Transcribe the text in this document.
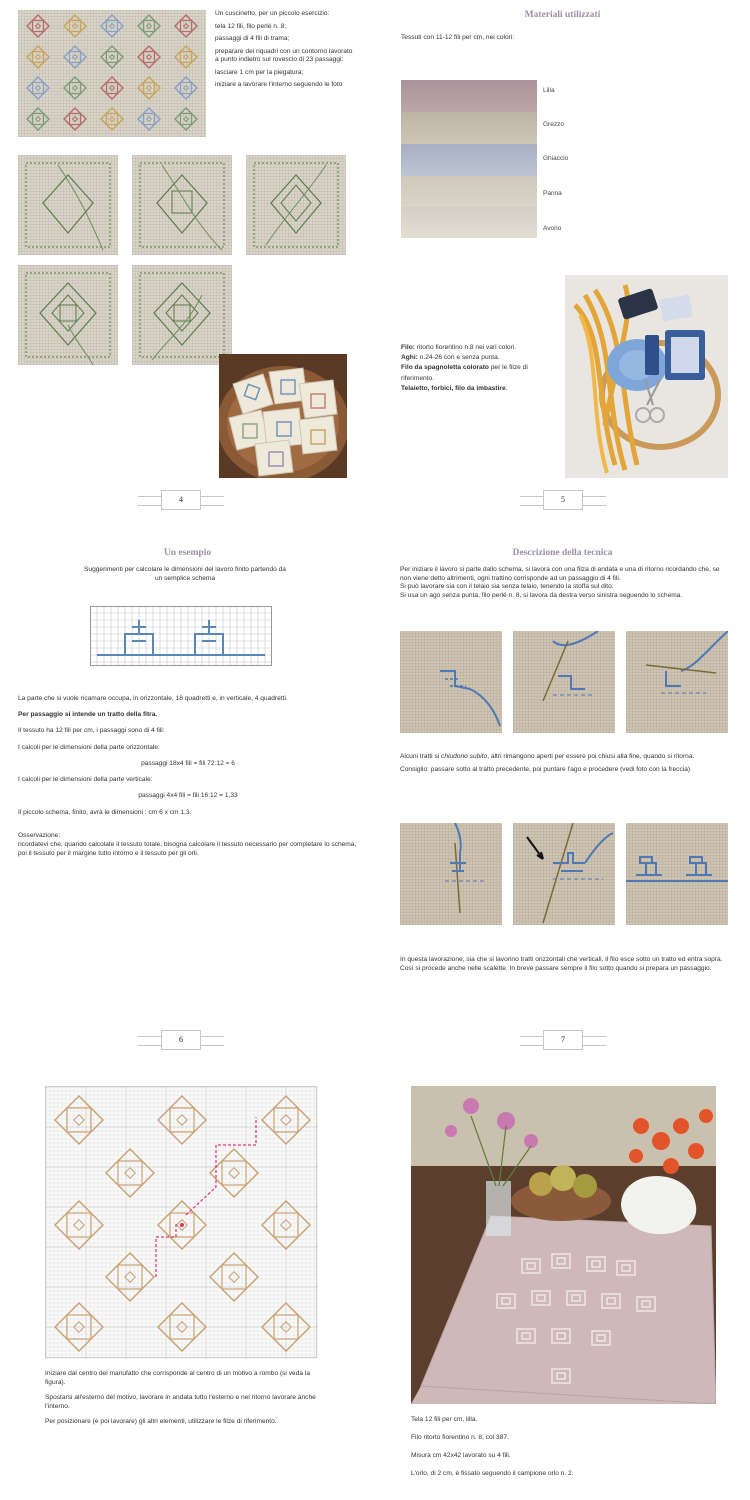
Un cuscinetto, per un piccolo esercizio:

tela 12 fili, filo perlé n. 8;

passaggi di 4 fili di trama;

preparare dei riquadri con un contorno lavorato a punto indietro sul rovescio di 23 passaggi;

lasciare 1 cm per la piegatura;

iniziare a lavorare l'interno seguendo le foto

4
Materiali utilizzati
Tessuti con 11-12 fili per cm, nei colori:
Lilla
Grezzo
Ghiaccio
Panna
Avorio
Filo: ritorto fiorentino n.8 nei vari colori.
Aghi: n.24-26 con e senza punta.
Filo da spagnoletta colorato per le filze di riferimento.
Telaietto, forbici, filo da imbastire.
5
Un esempio
Suggerimenti per calcolare le dimensioni del lavoro finito partendo da un semplice schema

La parte che si vuole ricamare occupa, in orizzontale, 18 quadretti e, in verticale, 4 quadretti.

Per passaggio si intende un tratto della fitra.

Il tessuto ha 12 fili per cm, i passaggi sono di 4 fili:

I calcoli per le dimensioni della parte orizzontale:

passaggi 18x4 fili = fili 72:12 = 6

I calcoli per le dimensioni della parte verticale:

passaggi 4x4 fili = fili 16:12 = 1,33

Il piccolo schema, finito, avrà le dimensioni : cm 6 x cm 1,3.

Osservazione:
ricordatevi che, quando calcolate il tessuto totale, bisogna calcolare il tessuto necessario per completare lo schema, poi il tessuto per il margine tutto intorno e il tessuto per gli orli.
6
Descrizione della tecnica
Per iniziare il lavoro si parte dallo schema, si lavora con una filza di andata e una di ritorno ricordando che, se non viene detto altrimenti, ogni trattino corrisponde ad un passaggio di 4 fili.
Si può lavorare sia con il telaio sia senza telaio, tenendo la stoffa sul dito.
Si usa un ago senza punta, filo perlé n. 8, si lavora da destra verso sinistra seguendo lo schema.

Alcuni tratti si chiudono subito, altri rimangono aperti per essere poi chiusi alla fine, quando si ritorna.

Consiglio: passare sotto al tratto precedente, poi puntare l'ago e procedere (vedi foto con la freccia)

In questa lavorazione, sia che si lavorino tratti orizzontali che verticali, il filo esce sotto un tratto ed entra sopra. Così si procede anche nelle scalette. In breve passare sempre il filo sotto quando si prepara un passaggio.
7

Iniziare dal centro del manufatto che corrisponde al centro di un motivo a rombo (si veda la figura).

Spostarsi all'esterno del motivo, lavorare in andata tutto l'esterno e nel ritorno lavorare anche l'interno.

Per posizionare (e poi lavorare) gli altri elementi, utilizzare le filze di riferimento.	Tela 12 fili per cm, lilla.

Filo ritorto fiorentino n. 8, col 387.

Misura cm 42x42 lavorato su 4 fili.

L'orlo, di 2 cm, è fissato seguendo il campione orlo n. 2.
